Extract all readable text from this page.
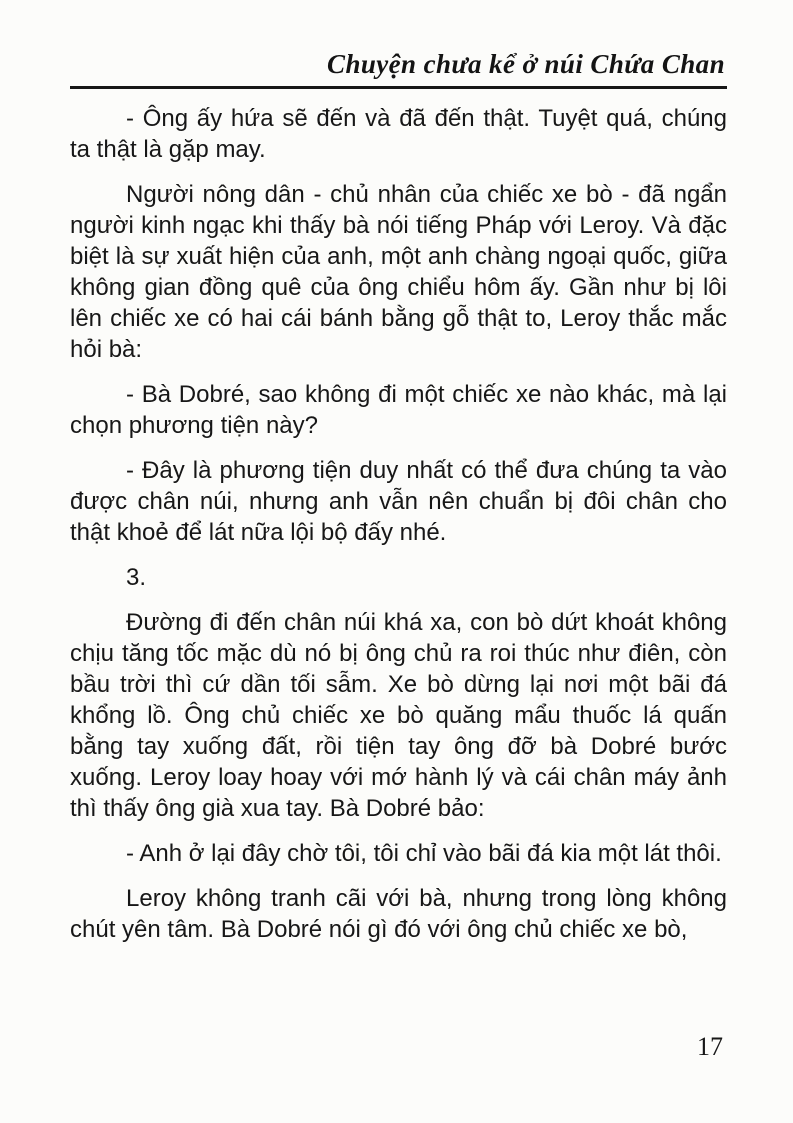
Chuyện chưa kể ở núi Chứa Chan

- Ông ấy hứa sẽ đến và đã đến thật. Tuyệt quá, chúng ta thật là gặp may.

Người nông dân - chủ nhân của chiếc xe bò - đã ngẩn người kinh ngạc khi thấy bà nói tiếng Pháp với Leroy. Và đặc biệt là sự xuất hiện của anh, một anh chàng ngoại quốc, giữa không gian đồng quê của ông chiểu hôm ấy. Gần như bị lôi lên chiếc xe có hai cái bánh bằng gỗ thật to, Leroy thắc mắc hỏi bà:

- Bà Dobré, sao không đi một chiếc xe nào khác, mà lại chọn phương tiện này?

- Đây là phương tiện duy nhất có thể đưa chúng ta vào được chân núi, nhưng anh vẫn nên chuẩn bị đôi chân cho thật khoẻ để lát nữa lội bộ đấy nhé.

3.

Đường đi đến chân núi khá xa, con bò dứt khoát không chịu tăng tốc mặc dù nó bị ông chủ ra roi thúc như điên, còn bầu trời thì cứ dần tối sẫm. Xe bò dừng lại nơi một bãi đá khổng lồ. Ông chủ chiếc xe bò quăng mẩu thuốc lá quấn bằng tay xuống đất, rồi tiện tay ông đỡ bà Dobré bước xuống. Leroy loay hoay với mớ hành lý và cái chân máy ảnh thì thấy ông già xua tay. Bà Dobré bảo:

- Anh ở lại đây chờ tôi, tôi chỉ vào bãi đá kia một lát thôi.

Leroy không tranh cãi với bà, nhưng trong lòng không chút yên tâm. Bà Dobré nói gì đó với ông chủ chiếc xe bò,

17
